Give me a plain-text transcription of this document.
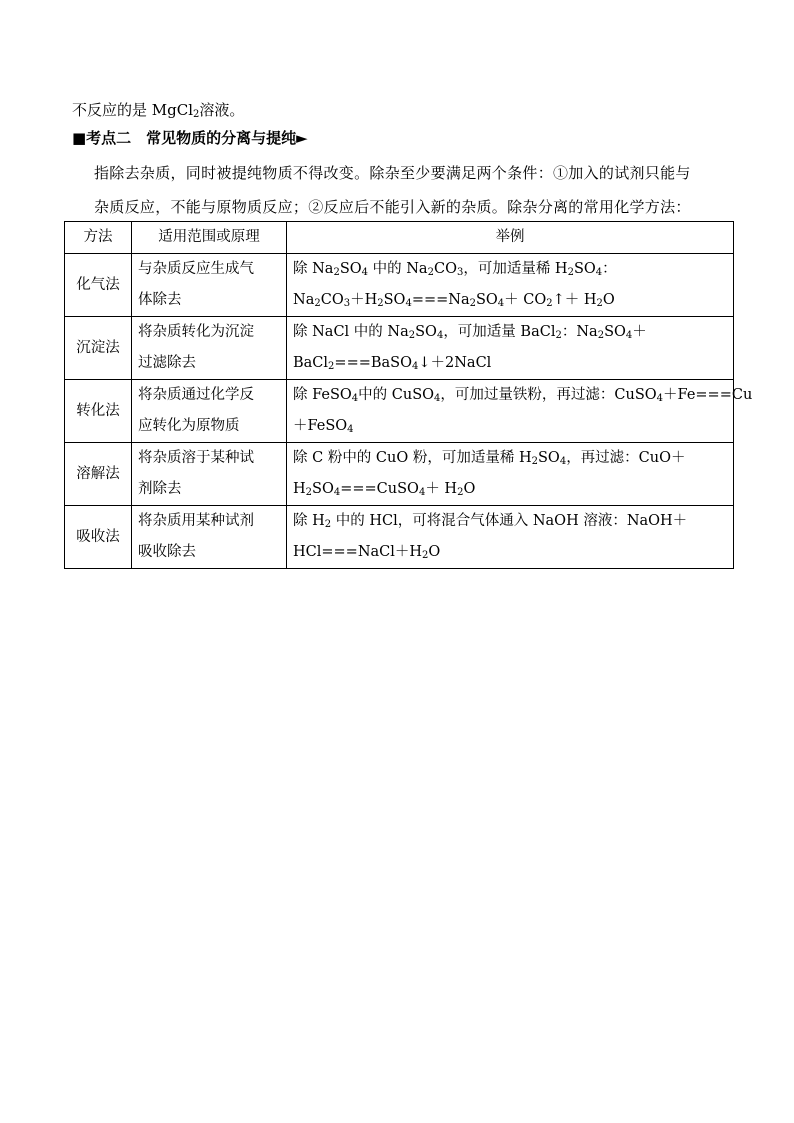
不反应的是 MgCl$_2$溶液。
■考点二　常见物质的分离与提纯►
指除去杂质，同时被提纯物质不得改变。除杂至少要满足两个条件：①加入的试剂只能与
杂质反应，不能与原物质反应；②反应后不能引入新的杂质。除杂分离的常用化学方法：
方法	适用范围或原理	举例
化气法	与杂质反应生成气
体除去	除 $Na_2SO_4$ 中的 $Na_2CO_3$，可加适量稀 $H_2SO_4$：
$Na_2CO_3+H_2SO_4===Na_2SO_4+$ $CO_2↑+ H_2O$

沉淀法	将杂质转化为沉淀
过滤除去	除 NaCl 中的 $Na_2SO_4$，可加适量 BaCl$_2$：$Na_2SO_4+$
BaCl$_2$===BaSO$_4$↓＋2NaCl

转化法	将杂质通过化学反
应转化为原物质	除 FeSO$_4$中的 CuSO$_4$，可加过量铁粉，再过滤：CuSO$_4$＋Fe===Cu
＋FeSO$_4$

溶解法	将杂质溶于某种试
剂除去	除 C 粉中的 CuO 粉，可加适量稀 $H_2SO_4$，再过滤：CuO＋
$H_2SO_4===CuSO_4+ H_2O$

吸收法	将杂质用某种试剂
吸收除去	除 $H_2$ 中的 HCl，可将混合气体通入 NaOH 溶液：NaOH＋
$HCl===NaCl+H_2O$
